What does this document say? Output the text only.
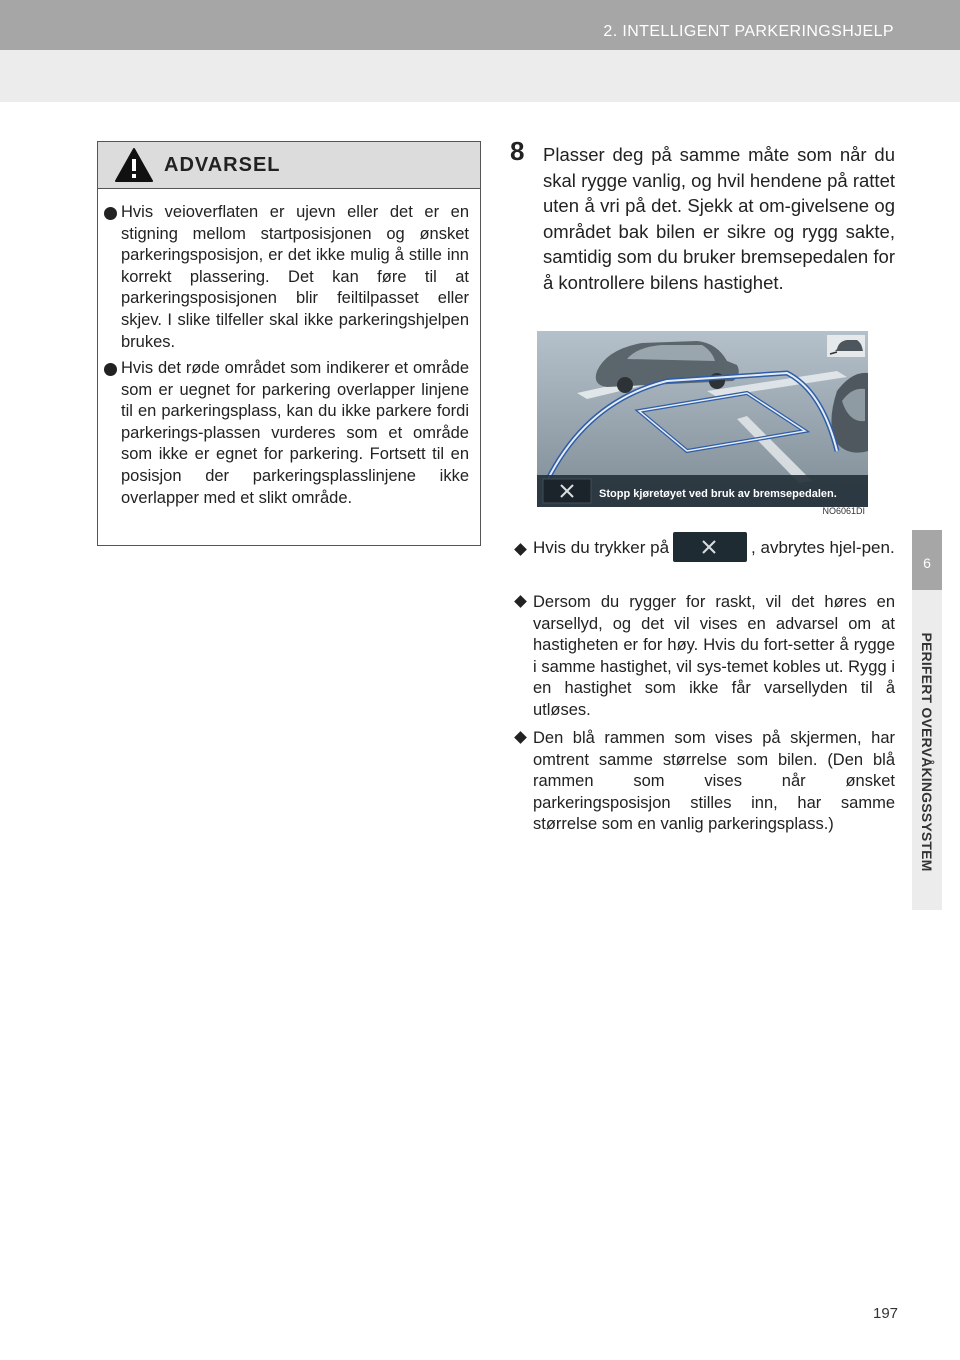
2. INTELLIGENT PARKERINGSHJELP
6
PERIFERT OVERVÅKINGSSYSTEM
ADVARSEL
Hvis veioverflaten er ujevn eller det er en stigning mellom startposisjonen og ønsket parkeringsposisjon, er det ikke mulig å stille inn korrekt plassering. Det kan føre til at parkeringsposisjonen blir feiltilpasset eller skjev. I slike tilfeller skal ikke parkeringshjelpen brukes.
Hvis det røde området som indikerer et område som er uegnet for parkering overlapper linjene til en parkeringsplass, kan du ikke parkere fordi parkerings-plassen vurderes som et område som ikke er egnet for parkering. Fortsett til en posisjon der parkeringsplasslinjene ikke overlapper med et slikt område.
8 Plasser deg på samme måte som når du skal rygge vanlig, og hvil hendene på rattet uten å vri på det. Sjekk at om-givelsene og området bak bilen er sikre og rygg sakte, samtidig som du bruker bremsepedalen for å kontrollere bilens hastighet.
Stopp kjøretøyet ved bruk av bremsepedalen.
NO6061DI
Hvis du trykker på	, avbrytes hjel-pen.
Dersom du rygger for raskt, vil det høres en varsellyd, og det vil vises en advarsel om at hastigheten er for høy. Hvis du fort-setter å rygge i samme hastighet, vil sys-temet kobles ut. Rygg i en hastighet som ikke får varsellyden til å utløses.
Den blå rammen som vises på skjermen, har omtrent samme størrelse som bilen. (Den blå rammen som vises når ønsket parkeringsposisjon stilles inn, har samme størrelse som en vanlig parkeringsplass.)
197
